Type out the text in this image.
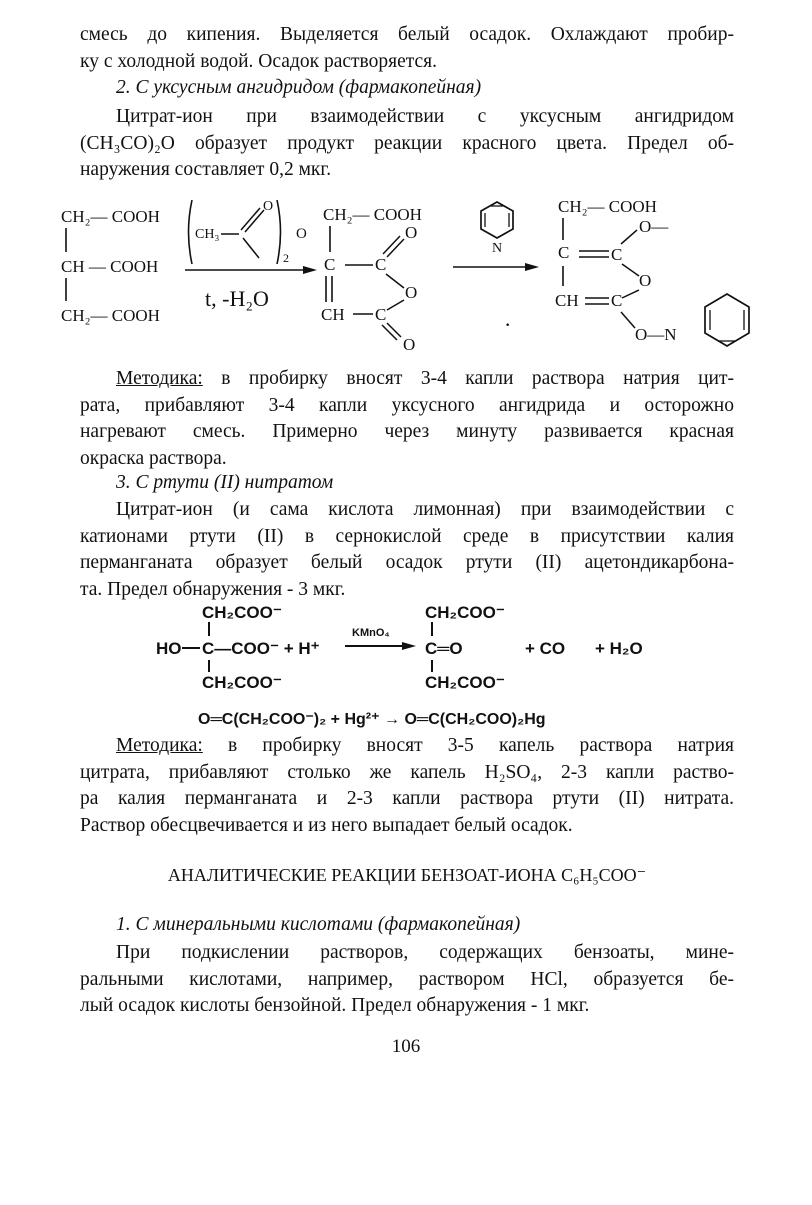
смесь до кипения. Выделяется белый осадок. Охлаждают пробир-
ку с холодной водой. Осадок растворяется.
2. С уксусным ангидридом (фармакопейная)
Цитрат-ион при взаимодействии с уксусным ангидридом
(CH₃CO)₂O образует продукт реакции красного цвета. Предел об-
наружения составляет 0,2 мкг.
CH₂— COOH
CH — COOH
CH₂— COOH
CH₃
O
2
O
t, -H₂O
CH₂— COOH
C
CH
C
C
O
O
O
N
·
CH₂— COOH
C
CH
C
C
O—
O
O—N
Методика: в пробирку вносят 3-4 капли раствора натрия цит-
рата, прибавляют 3-4 капли уксусного ангидрида и осторожно
нагревают смесь. Примерно через минуту развивается красная
окраска раствора.
3. С ртути (II) нитратом
Цитрат-ион (и сама кислота лимонная) при взаимодействии с
катионами ртути (II) в сернокислой среде в присутствии калия
перманганата образует белый осадок ртути (II) ацетондикарбона-
та. Предел обнаружения - 3 мкг.
CH₂COO⁻
HO C—COO⁻ + H⁺
CH₂COO⁻
KMnO₄
CH₂COO⁻
C═O
CH₂COO⁻
+ CO + H₂O
O═C(CH₂COO⁻)₂ + Hg²⁺ → O═C(CH₂COO)₂Hg
Методика: в пробирку вносят 3-5 капель раствора натрия
цитрата, прибавляют столько же капель H₂SO₄, 2-3 капли раство-
ра калия перманганата и 2-3 капли раствора ртути (II) нитрата.
Раствор обесцвечивается и из него выпадает белый осадок.
АНАЛИТИЧЕСКИЕ РЕАКЦИИ БЕНЗОАТ-ИОНА C₆H₅COO⁻
1. С минеральными кислотами (фармакопейная)
При подкислении растворов, содержащих бензоаты, мине-
ральными кислотами, например, раствором HCl, образуется бе-
лый осадок кислоты бензойной. Предел обнаружения - 1 мкг.
106
